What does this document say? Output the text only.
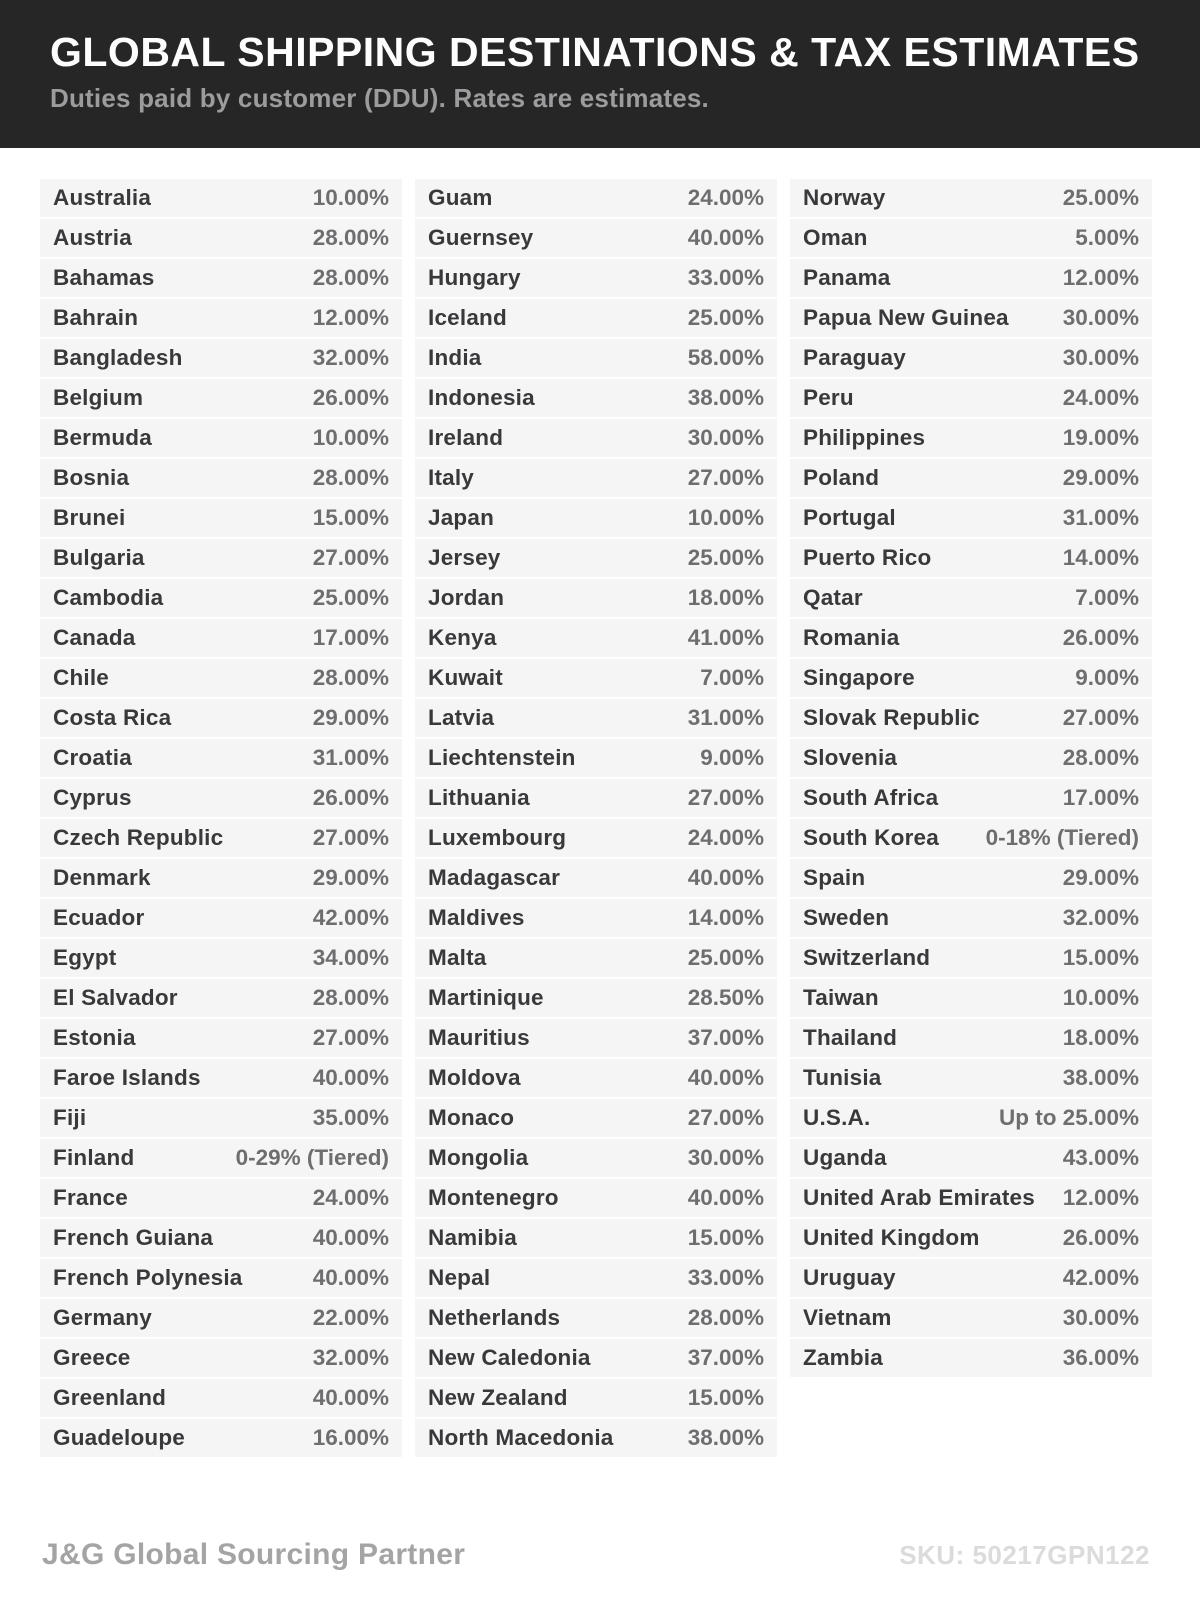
GLOBAL SHIPPING DESTINATIONS & TAX ESTIMATES

Duties paid by customer (DDU). Rates are estimates.

Australia	10.00%
Austria	28.00%
Bahamas	28.00%
Bahrain	12.00%
Bangladesh	32.00%
Belgium	26.00%
Bermuda	10.00%
Bosnia	28.00%
Brunei	15.00%
Bulgaria	27.00%
Cambodia	25.00%
Canada	17.00%
Chile	28.00%
Costa Rica	29.00%
Croatia	31.00%
Cyprus	26.00%
Czech Republic	27.00%
Denmark	29.00%
Ecuador	42.00%
Egypt	34.00%
El Salvador	28.00%
Estonia	27.00%
Faroe Islands	40.00%
Fiji	35.00%
Finland	0-29% (Tiered)
France	24.00%
French Guiana	40.00%
French Polynesia	40.00%
Germany	22.00%
Greece	32.00%
Greenland	40.00%
Guadeloupe	16.00%
Guam	24.00%
Guernsey	40.00%
Hungary	33.00%
Iceland	25.00%
India	58.00%
Indonesia	38.00%
Ireland	30.00%
Italy	27.00%
Japan	10.00%
Jersey	25.00%
Jordan	18.00%
Kenya	41.00%
Kuwait	7.00%
Latvia	31.00%
Liechtenstein	9.00%
Lithuania	27.00%
Luxembourg	24.00%
Madagascar	40.00%
Maldives	14.00%
Malta	25.00%
Martinique	28.50%
Mauritius	37.00%
Moldova	40.00%
Monaco	27.00%
Mongolia	30.00%
Montenegro	40.00%
Namibia	15.00%
Nepal	33.00%
Netherlands	28.00%
New Caledonia	37.00%
New Zealand	15.00%
North Macedonia	38.00%
Norway	25.00%
Oman	5.00%
Panama	12.00%
Papua New Guinea 30.00%
Paraguay	30.00%
Peru	24.00%
Philippines	19.00%
Poland	29.00%
Portugal	31.00%
Puerto Rico	14.00%
Qatar	7.00%
Romania	26.00%
Singapore	9.00%
Slovak Republic	27.00%
Slovenia	28.00%
South Africa	17.00%
South Korea 0-18% (Tiered)
Spain	29.00%
Sweden	32.00%
Switzerland	15.00%
Taiwan	10.00%
Thailand	18.00%
Tunisia	38.00%
U.S.A.	Up to 25.00%
Uganda	43.00%
United Arab Emirates 12.00%
United Kingdom	26.00%
Uruguay	42.00%
Vietnam	30.00%
Zambia	36.00%
J&G Global Sourcing Partner	SKU: 50217GPN122
